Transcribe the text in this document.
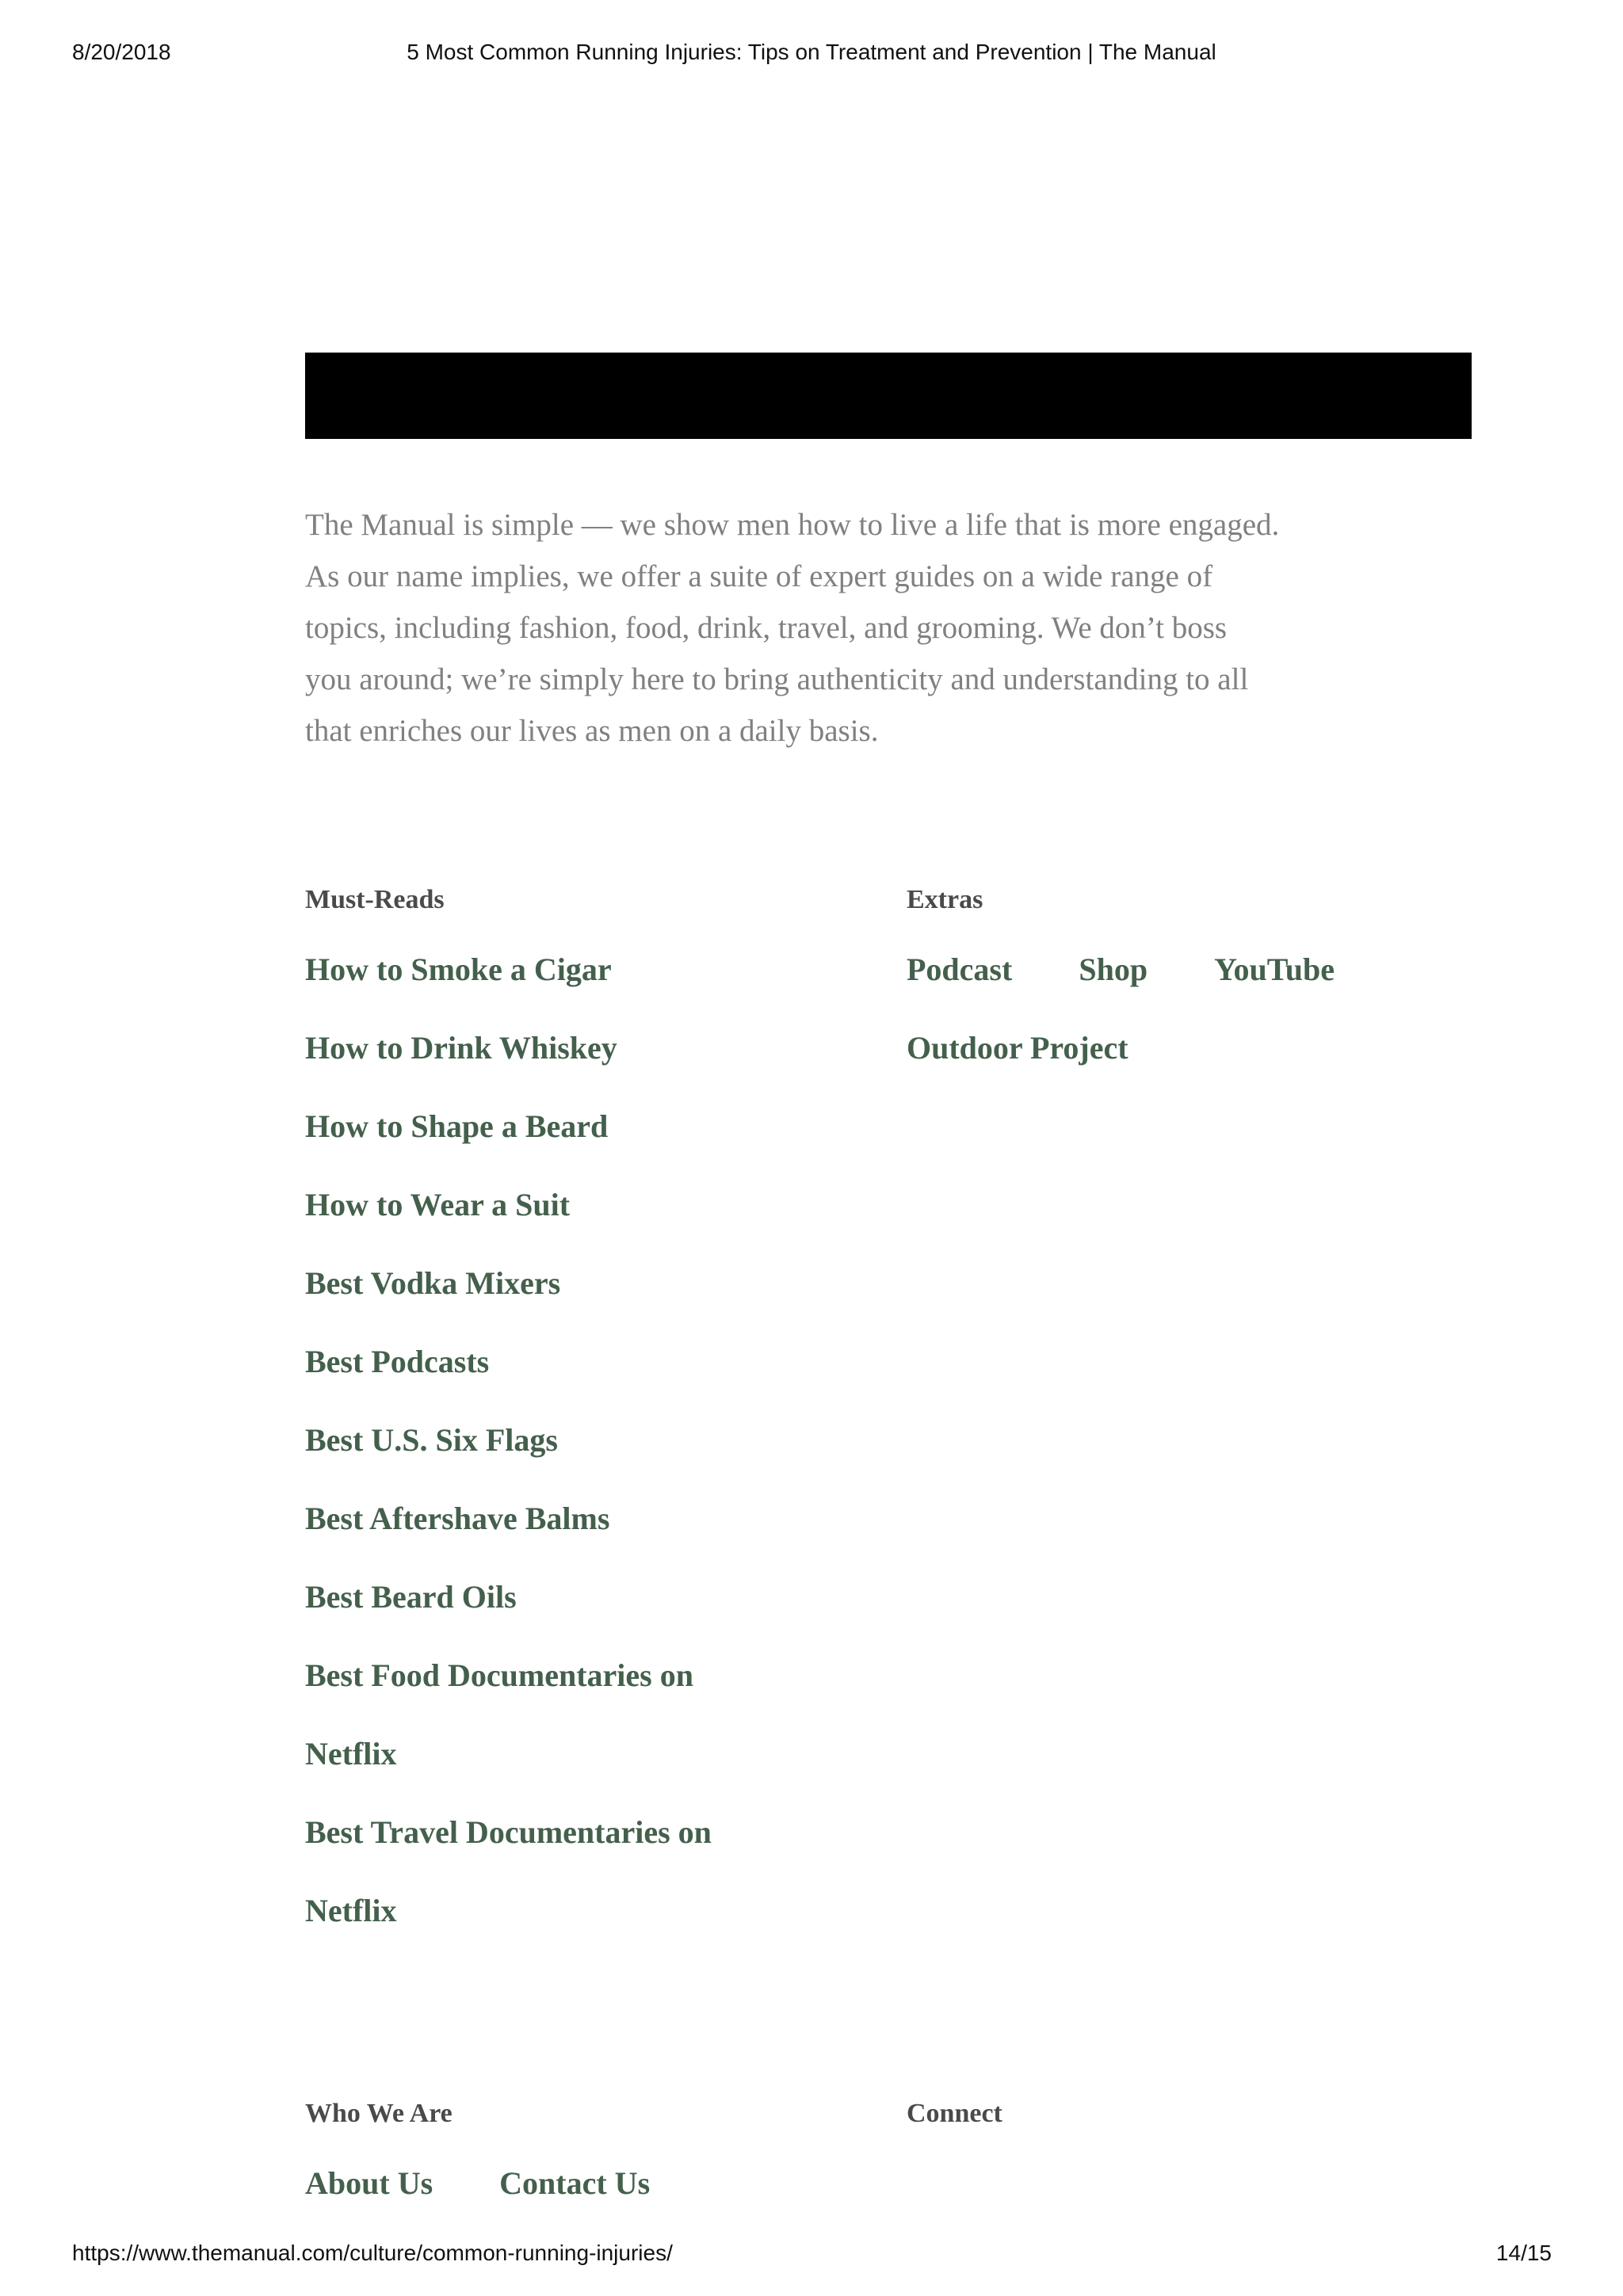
8/20/2018	5 Most Common Running Injuries: Tips on Treatment and Prevention | The Manual

The Manual is simple — we show men how to live a life that is more engaged.
As our name implies, we offer a suite of expert guides on a wide range of
topics, including fashion, food, drink, travel, and grooming. We don’t boss
you around; we’re simply here to bring authenticity and understanding to all
that enriches our lives as men on a daily basis.

Must-Reads
How to Smoke a Cigar
How to Drink Whiskey
How to Shape a Beard
How to Wear a Suit
Best Vodka Mixers
Best Podcasts
Best U.S. Six Flags
Best Aftershave Balms
Best Beard Oils
Best Food Documentaries on
Netflix
Best Travel Documentaries on
Netflix
Extras
Podcast Shop YouTube
Outdoor Project
Who We Are
About Us Contact Us
Connect
https://www.themanual.com/culture/common-running-injuries/	14/15
